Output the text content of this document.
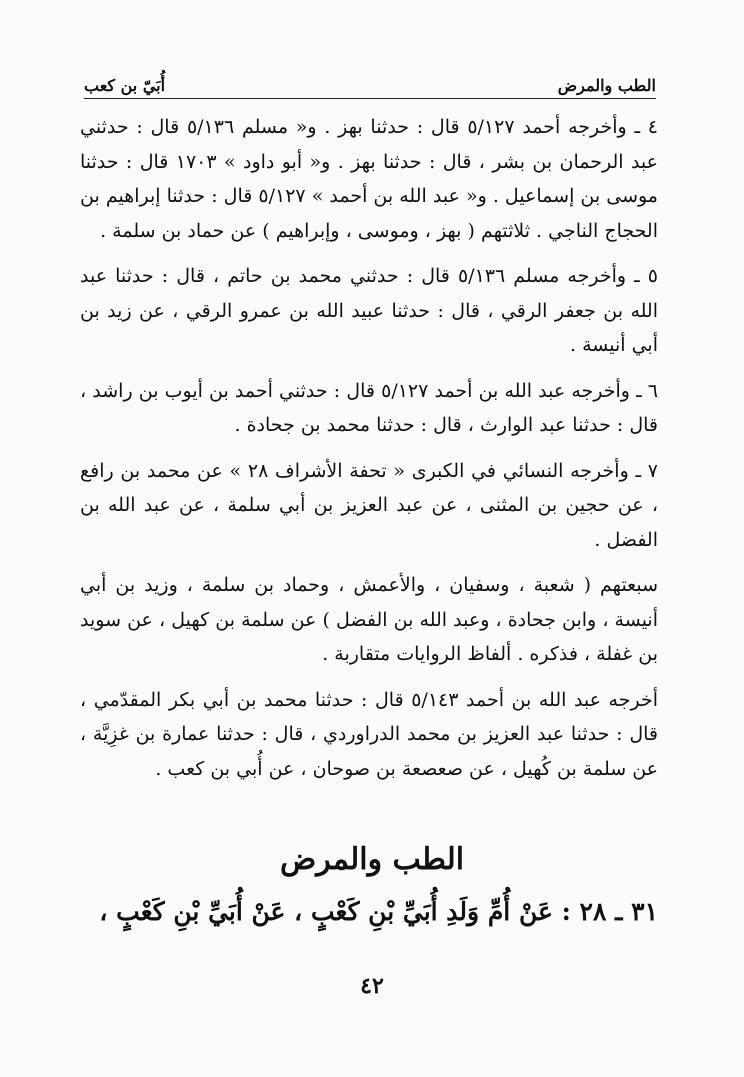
الطب والمرض
أُبَيّ بن كعب

٤ ـ وأخرجه أحمد ٥/١٢٧ قال : حدثنا بهز . و« مسلم ٥/١٣٦ قال : حدثني عبد الرحمان بن بشر ، قال : حدثنا بهز . و« أبو داود » ١٧٠٣ قال : حدثنا موسى بن إسماعيل . و« عبد الله بن أحمد » ٥/١٢٧ قال : حدثنا إبراهيم بن الحجاج الناجي . ثلاثتهم ( بهز ، وموسى ، وإبراهيم ) عن حماد بن سلمة .

٥ ـ وأخرجه مسلم ٥/١٣٦ قال : حدثني محمد بن حاتم ، قال : حدثنا عبد الله بن جعفر الرقي ، قال : حدثنا عبيد الله بن عمرو الرقي ، عن زيد بن أبي أنيسة .

٦ ـ وأخرجه عبد الله بن أحمد ٥/١٢٧ قال : حدثني أحمد بن أيوب بن راشد ، قال : حدثنا عبد الوارث ، قال : حدثنا محمد بن جحادة .

٧ ـ وأخرجه النسائي في الكبرى « تحفة الأشراف ٢٨ » عن محمد بن رافع ، عن حجين بن المثنى ، عن عبد العزيز بن أبي سلمة ، عن عبد الله بن الفضل .

سبعتهم ( شعبة ، وسفيان ، والأعمش ، وحماد بن سلمة ، وزيد بن أبي أنيسة ، وابن جحادة ، وعبد الله بن الفضل ) عن سلمة بن كهيل ، عن سويد بن غفلة ، فذكره . ألفاظ الروايات متقاربة .

أخرجه عبد الله بن أحمد ٥/١٤٣ قال : حدثنا محمد بن أبي بكر المقدّمي ، قال : حدثنا عبد العزيز بن محمد الدراوردي ، قال : حدثنا عمارة بن غزِيَّة ، عن سلمة بن كُهيل ، عن صعصعة بن صوحان ، عن أُبي بن كعب .

الطب والمرض
٣١ ـ ٢٨ : عَنْ أُمِّ وَلَدِ أُبَيِّ بْنِ كَعْبٍ ، عَنْ أُبَيِّ بْنِ كَعْبٍ ،
٤٢
